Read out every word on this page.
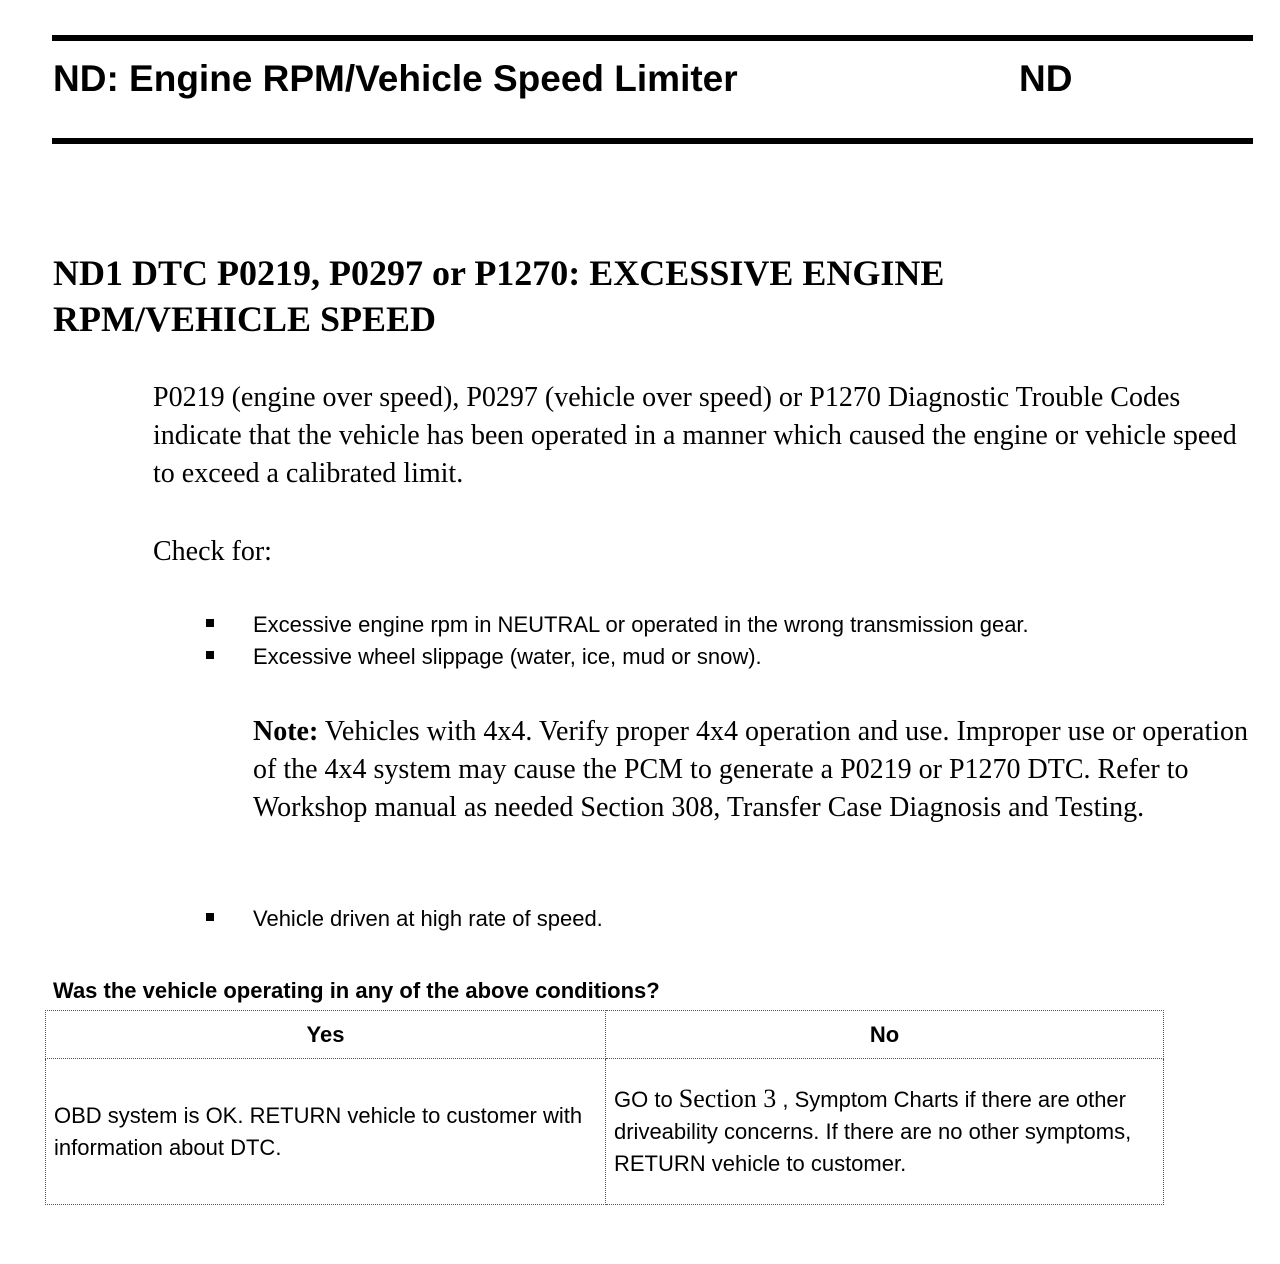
ND: Engine RPM/Vehicle Speed Limiter	ND
ND1 DTC P0219, P0297 or P1270: EXCESSIVE ENGINE RPM/VEHICLE SPEED
P0219 (engine over speed), P0297 (vehicle over speed) or P1270 Diagnostic Trouble Codes indicate that the vehicle has been operated in a manner which caused the engine or vehicle speed to exceed a calibrated limit.
Check for:
Excessive engine rpm in NEUTRAL or operated in the wrong transmission gear.
Excessive wheel slippage (water, ice, mud or snow).
Note: Vehicles with 4x4. Verify proper 4x4 operation and use. Improper use or operation of the 4x4 system may cause the PCM to generate a P0219 or P1270 DTC. Refer to Workshop manual as needed Section 308, Transfer Case Diagnosis and Testing.
Vehicle driven at high rate of speed.
Was the vehicle operating in any of the above conditions?
Yes	No
OBD system is OK. RETURN vehicle to customer with information about DTC.	GO to Section 3 , Symptom Charts if there are other driveability concerns. If there are no other symptoms, RETURN vehicle to customer.
